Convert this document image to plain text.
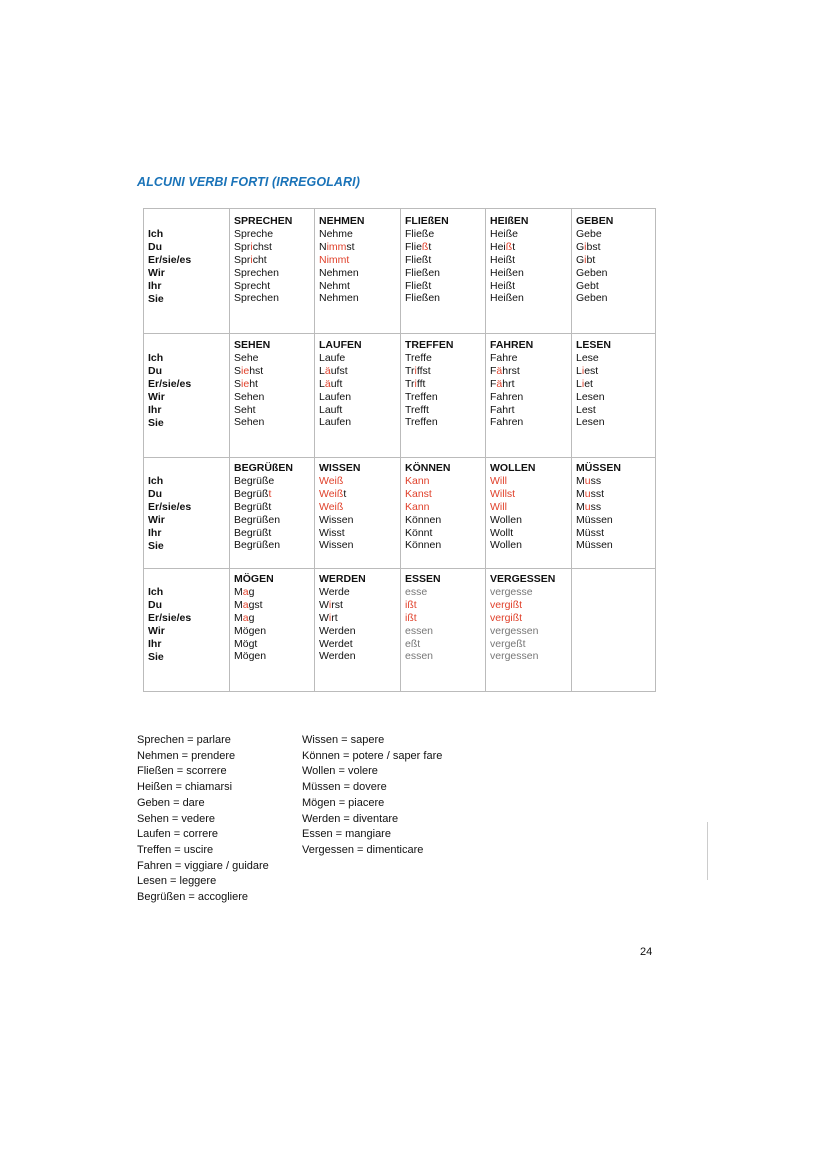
ALCUNI VERBI FORTI (IRREGOLARI)
Ich
Du
Er/sie/es
Wir
Ihr
Sie
SPRECHEN
Spreche
Sprichst
Spricht
Sprechen
Sprecht
Sprechen
NEHMEN
Nehme
Nimmst
Nimmt
Nehmen
Nehmt
Nehmen
FLIEßEN
Fließe
Fließt
Fließt
Fließen
Fließt
Fließen
HEIßEN
Heiße
Heißt
Heißt
Heißen
Heißt
Heißen
GEBEN
Gebe
Gibst
Gibt
Geben
Gebt
Geben
Ich
Du
Er/sie/es
Wir
Ihr
Sie
SEHEN
Sehe
Siehst
Sieht
Sehen
Seht
Sehen
LAUFEN
Laufe
Läufst
Läuft
Laufen
Lauft
Laufen
TREFFEN
Treffe
Triffst
Trifft
Treffen
Trefft
Treffen
FAHREN
Fahre
Fährst
Fährt
Fahren
Fahrt
Fahren
LESEN
Lese
Liest
Liet
Lesen
Lest
Lesen
Ich
Du
Er/sie/es
Wir
Ihr
Sie
BEGRÜßEN
Begrüße
Begrüßt
Begrüßt
Begrüßen
Begrüßt
Begrüßen
WISSEN
Weiß
Weißt
Weiß
Wissen
Wisst
Wissen
KÖNNEN
Kann
Kanst
Kann
Können
Könnt
Können
WOLLEN
Will
Willst
Will
Wollen
Wollt
Wollen
MÜSSEN
Muss
Musst
Muss
Müssen
Müsst
Müssen
Ich
Du
Er/sie/es
Wir
Ihr
Sie
MÖGEN
Mag
Magst
Mag
Mögen
Mögt
Mögen
WERDEN
Werde
Wirst
Wirt
Werden
Werdet
Werden
ESSEN
esse
ißt
ißt
essen
eßt
essen
VERGESSEN
vergesse
vergißt
vergißt
vergessen
vergeßt
vergessen
Sprechen = parlare
Nehmen = prendere
Fließen = scorrere
Heißen = chiamarsi
Geben = dare
Sehen = vedere
Laufen = correre
Treffen = uscire
Fahren = viggiare / guidare
Lesen = leggere
Begrüßen = accogliere
Wissen = sapere
Können = potere / saper fare
Wollen = volere
Müssen = dovere
Mögen = piacere
Werden = diventare
Essen = mangiare
Vergessen = dimenticare
24
